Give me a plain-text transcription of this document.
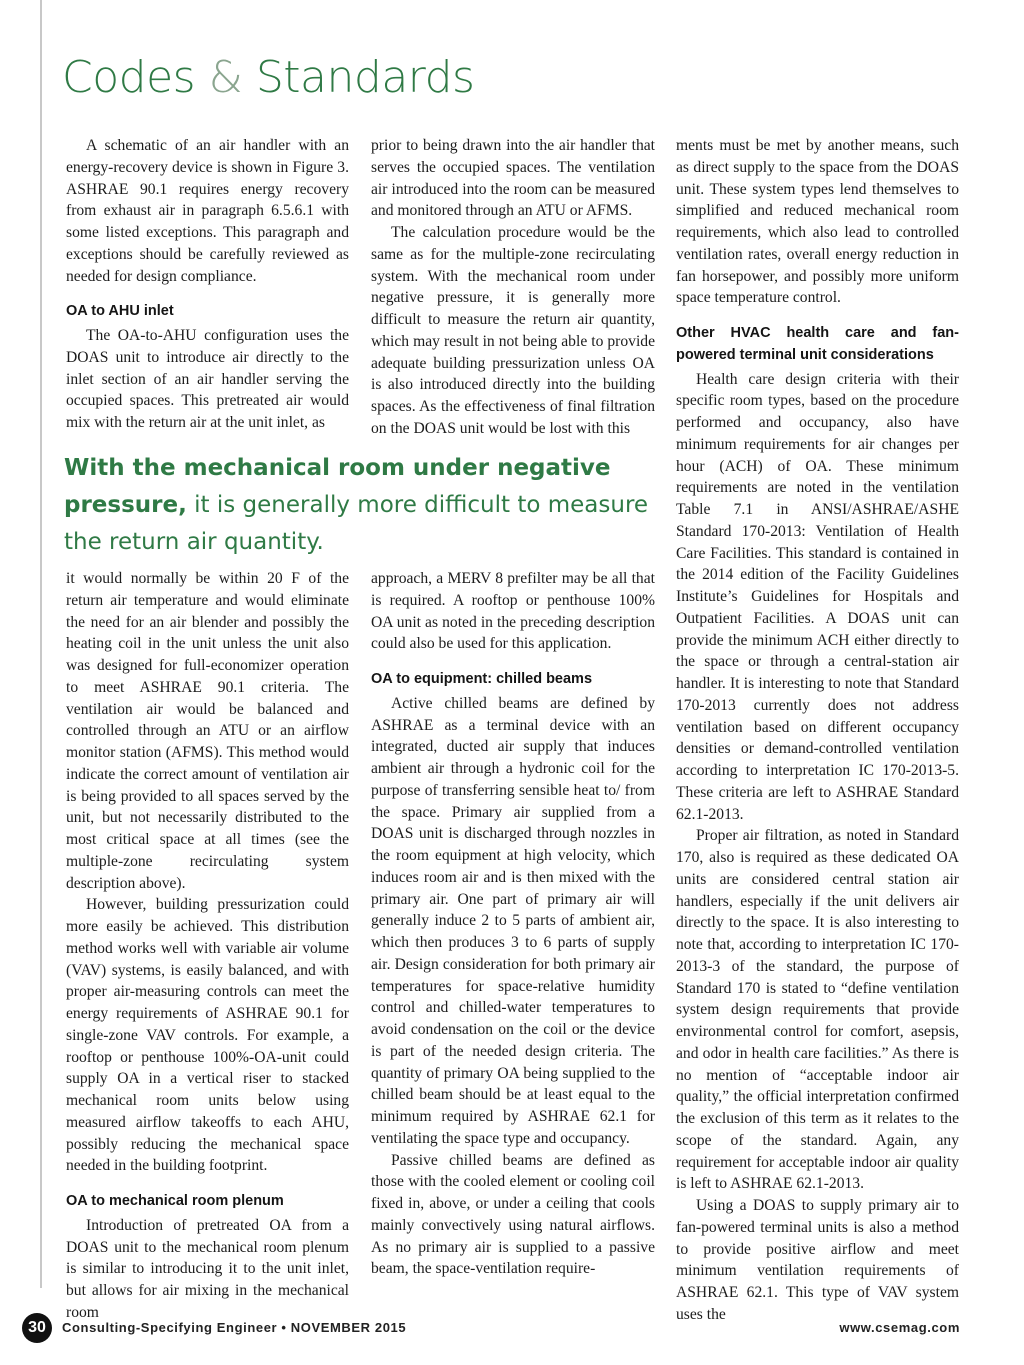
Codes & Standards

A schematic of an air handler with an energy-recovery device is shown in Figure 3. ASHRAE 90.1 requires energy recovery from exhaust air in paragraph 6.5.6.1 with some listed exceptions. This paragraph and exceptions should be carefully reviewed as needed for design compliance.

OA to AHU inlet

The OA-to-AHU configuration uses the DOAS unit to introduce air directly to the inlet section of an air handler serving the occupied spaces. This pretreated air would mix with the return air at the unit inlet, as

prior to being drawn into the air handler that serves the occupied spaces. The ventilation air introduced into the room can be measured and monitored through an ATU or AFMS.

The calculation procedure would be the same as for the multiple-zone recirculating system. With the mechanical room under negative pressure, it is generally more difficult to measure the return air quantity, which may result in not being able to provide adequate building pressurization unless OA is also introduced directly into the building spaces. As the effectiveness of final filtration on the DOAS unit would be lost with this

ments must be met by another means, such as direct supply to the space from the DOAS unit. These system types lend themselves to simplified and reduced mechanical room requirements, which also lead to controlled ventilation rates, overall energy reduction in fan horsepower, and possibly more uniform space temperature control.

Other HVAC health care and fan-powered terminal unit considerations

Health care design criteria with their specific room types, based on the procedure performed and occupancy, also have minimum requirements for air changes per hour (ACH) of OA. These minimum requirements are noted in the ventilation Table 7.1 in ANSI/ASHRAE/ASHE Standard 170-2013: Ventilation of Health Care Facilities. This standard is contained in the 2014 edition of the Facility Guidelines Institute’s Guidelines for Hospitals and Outpatient Facilities. A DOAS unit can provide the minimum ACH either directly to the space or through a central-station air handler. It is interesting to note that Standard 170-2013 currently does not address ventilation based on different occupancy densities or demand-controlled ventilation according to interpretation IC 170-2013-5. These criteria are left to ASHRAE Standard 62.1-2013.

Proper air filtration, as noted in Standard 170, also is required as these dedicated OA units are considered central station air handlers, especially if the unit delivers air directly to the space. It is also interesting to note that, according to interpretation IC 170-2013-3 of the standard, the purpose of Standard 170 is stated to “define ventilation system design requirements that provide environmental control for comfort, asepsis, and odor in health care facilities.” As there is no mention of “acceptable indoor air quality,” the official interpretation confirmed the exclusion of this term as it relates to the scope of the standard. Again, any requirement for acceptable indoor air quality is left to ASHRAE 62.1-2013.

Using a DOAS to supply primary air to fan-powered terminal units is also a method to provide positive airflow and meet minimum ventilation requirements of ASHRAE 62.1. This type of VAV system uses the

With the mechanical room under negative pressure, it is generally more difficult to measure the return air quantity.

it would normally be within 20 F of the return air temperature and would eliminate the need for an air blender and possibly the heating coil in the unit unless the unit also was designed for full-economizer operation to meet ASHRAE 90.1 criteria. The ventilation air would be balanced and controlled through an ATU or an airflow monitor station (AFMS). This method would indicate the correct amount of ventilation air is being provided to all spaces served by the unit, but not necessarily distributed to the most critical space at all times (see the multiple-zone recirculating system description above).

However, building pressurization could more easily be achieved. This distribution method works well with variable air volume (VAV) systems, is easily balanced, and with proper air-measuring controls can meet the energy requirements of ASHRAE 90.1 for single-zone VAV controls. For example, a rooftop or penthouse 100%-OA-unit could supply OA in a vertical riser to stacked mechanical room units below using measured airflow takeoffs to each AHU, possibly reducing the mechanical space needed in the building footprint.

OA to mechanical room plenum

Introduction of pretreated OA from a DOAS unit to the mechanical room plenum is similar to introducing it to the unit inlet, but allows for air mixing in the mechanical room

approach, a MERV 8 prefilter may be all that is required. A rooftop or penthouse 100% OA unit as noted in the preceding description could also be used for this application.

OA to equipment: chilled beams

Active chilled beams are defined by ASHRAE as a terminal device with an integrated, ducted air supply that induces ambient air through a hydronic coil for the purpose of transferring sensible heat to/ from the space. Primary air supplied from a DOAS unit is discharged through nozzles in the room equipment at high velocity, which induces room air and is then mixed with the primary air. One part of primary air will generally induce 2 to 5 parts of ambient air, which then produces 3 to 6 parts of supply air. Design consideration for both primary air temperatures for space-relative humidity control and chilled-water temperatures to avoid condensation on the coil or the device is part of the needed design criteria. The quantity of primary OA being supplied to the chilled beam should be at least equal to the minimum required by ASHRAE 62.1 for ventilating the space type and occupancy.

Passive chilled beams are defined as those with the cooled element or cooling coil fixed in, above, or under a ceiling that cools mainly convectively using natural airflows. As no primary air is supplied to a passive beam, the space-ventilation require-

30	Consulting-Specifying Engineer • NOVEMBER 2015	www.csemag.com
